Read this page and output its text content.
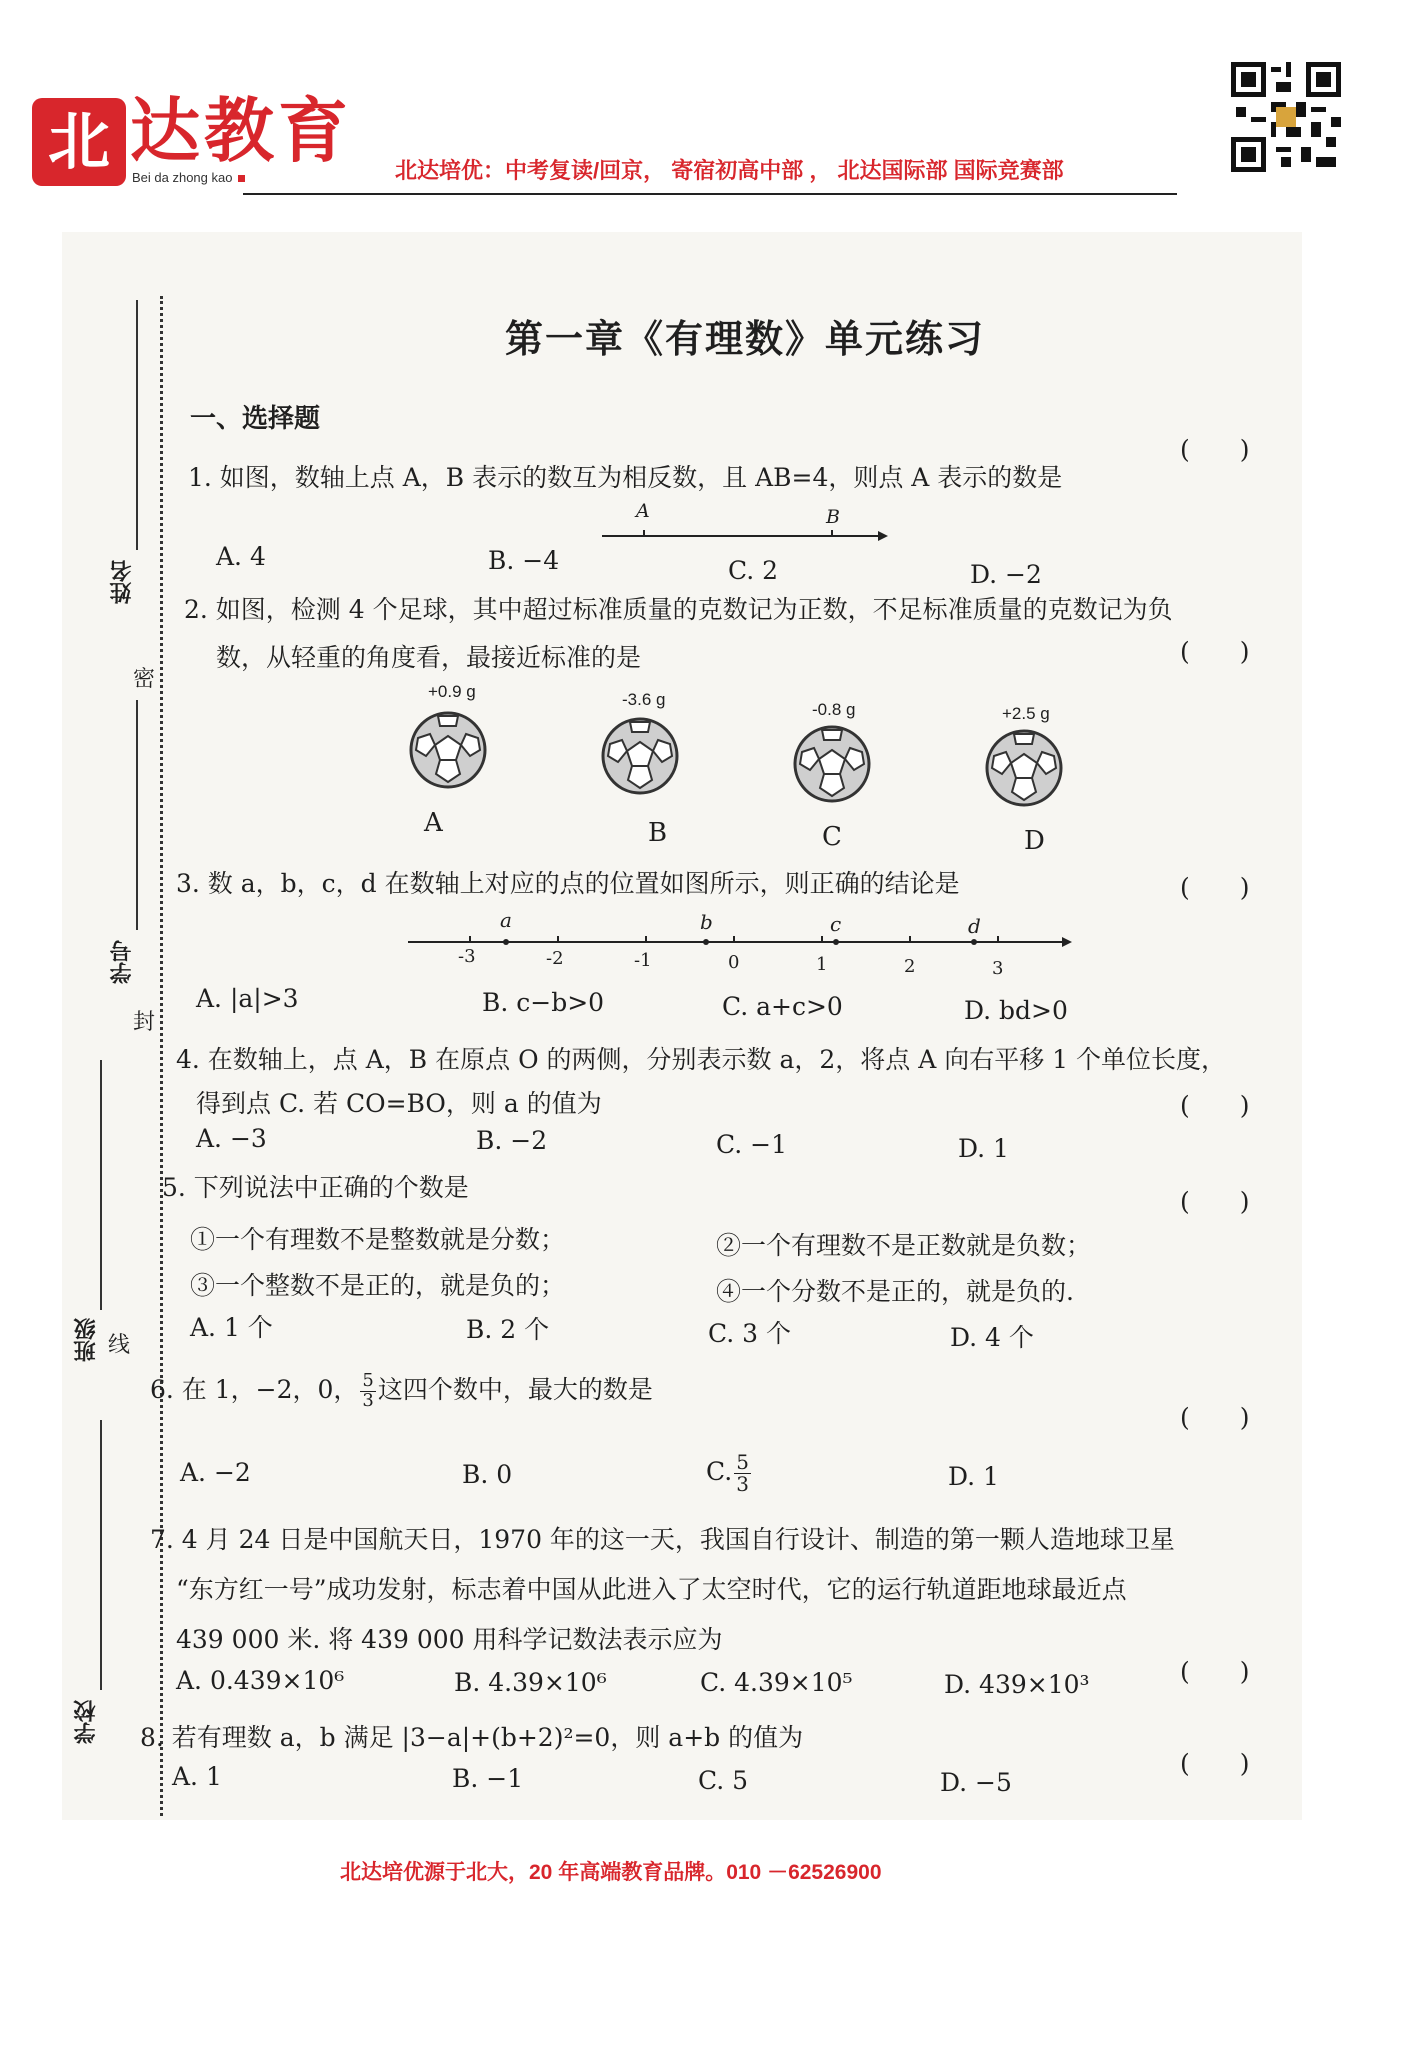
北 达教育
Bei da zhong kao	北达培优：中考复读/回京， 寄宿初高中部 ， 北达国际部 国际竞赛部
姓名
学号
班级
学校
密
封
线
第一章《有理数》单元练习
一、选择题
1. 如图，数轴上点 A，B 表示的数互为相反数，且 AB=4，则点 A 表示的数是
(　　)
A	B
A. 4	B. −4	C. 2	D. −2
2. 如图，检测 4 个足球，其中超过标准质量的克数记为正数，不足标准质量的克数记为负
数，从轻重的角度看，最接近标准的是	(　　)
+0.9 g	-3.6 g
-0.8 g	+2.5 g
A	B	C	D
3. 数 a，b，c，d 在数轴上对应的点的位置如图所示，则正确的结论是	(　　)
a	b	c	d
-3	-2	-1	0	1	2	3
A. |a|>3	B. c−b>0	C. a+c>0	D. bd>0
4. 在数轴上，点 A，B 在原点 O 的两侧，分别表示数 a，2，将点 A 向右平移 1 个单位长度，
得到点 C. 若 CO=BO，则 a 的值为	(　　)
A. −3	B. −2	C. −1	D. 1
5. 下列说法中正确的个数是	(　　)
①一个有理数不是整数就是分数；	②一个有理数不是正数就是负数；
③一个整数不是正的，就是负的；	④一个分数不是正的，就是负的.
A. 1 个	B. 2 个	C. 3 个	D. 4 个
6. 在 1，−2，0， $\frac{5}{3}$ 这四个数中，最大的数是
(　　)
A. −2	B. 0	C. $\frac{5}{3}$	D. 1
7. 4 月 24 日是中国航天日，1970 年的这一天，我国自行设计、制造的第一颗人造地球卫星
“东方红一号”成功发射，标志着中国从此进入了太空时代，它的运行轨道距地球最近点
439 000 米. 将 439 000 用科学记数法表示应为
(　　)
A. 0.439×10⁶	B. 4.39×10⁶	C. 4.39×10⁵	D. 439×10³
8. 若有理数 a，b 满足 |3−a|+(b+2)²=0，则 a+b 的值为
(　　)
A. 1	B. −1	C. 5	D. −5
北达培优源于北大，20 年高端教育品牌。010 －62526900
